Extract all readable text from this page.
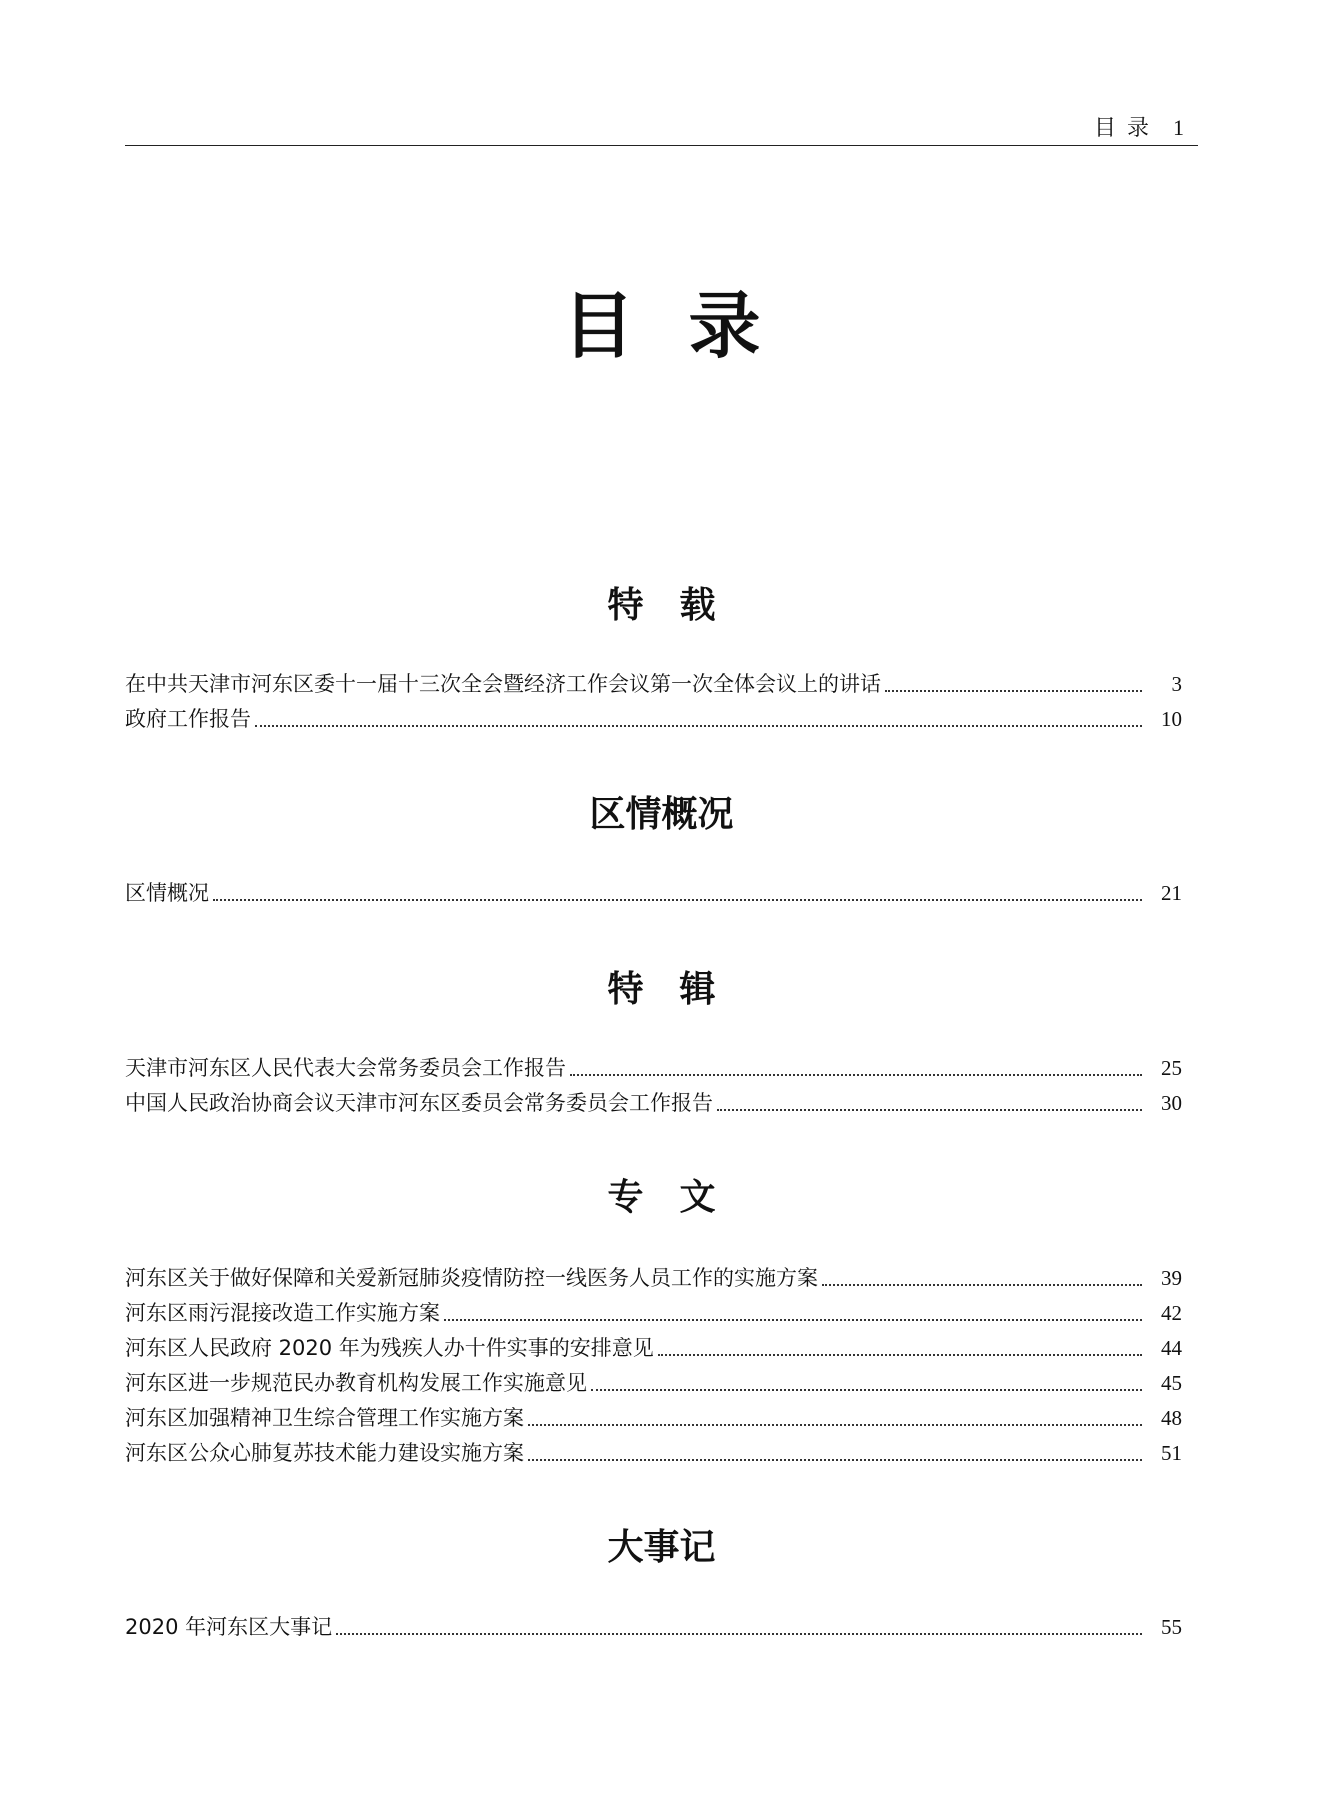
目 录 1
目录
特　载
在中共天津市河东区委十一届十三次全会暨经济工作会议第一次全体会议上的讲话	3
政府工作报告	10
区情概况
区情概况	21
特　辑
天津市河东区人民代表大会常务委员会工作报告	25
中国人民政治协商会议天津市河东区委员会常务委员会工作报告	30
专　文
河东区关于做好保障和关爱新冠肺炎疫情防控一线医务人员工作的实施方案	39
河东区雨污混接改造工作实施方案	42
河东区人民政府 2020 年为残疾人办十件实事的安排意见	44
河东区进一步规范民办教育机构发展工作实施意见	45
河东区加强精神卫生综合管理工作实施方案	48
河东区公众心肺复苏技术能力建设实施方案	51
大事记
2020 年河东区大事记	55
